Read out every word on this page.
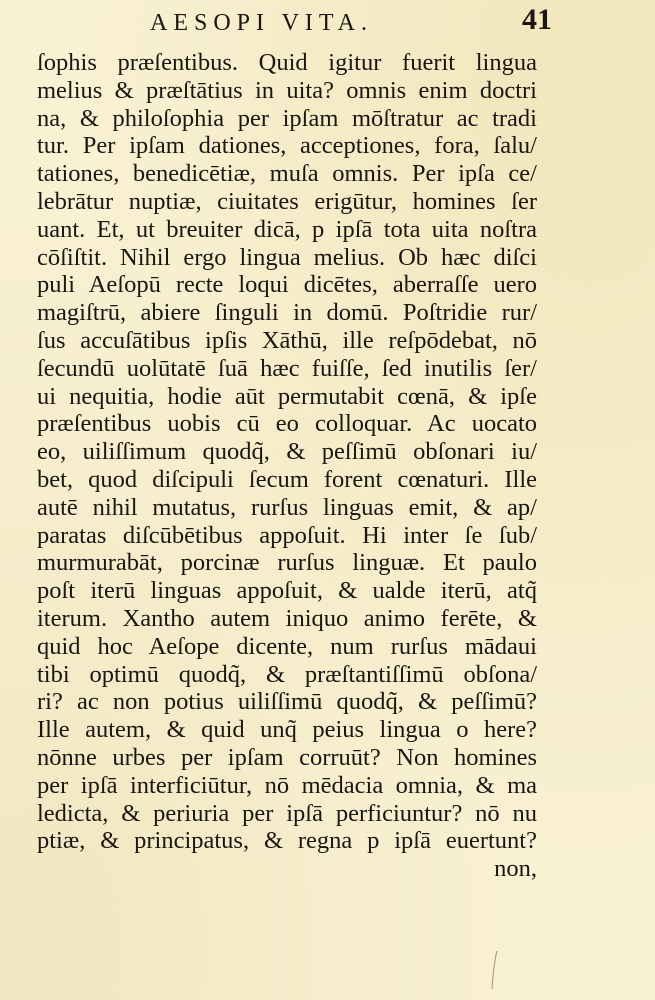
AESOPI VITA.	41
ſophis præſentibus. Quid igitur fuerit lingua
melius & præſtātius in uita? omnis enim doctri
na, & philoſophia per ipſam mōſtratur ac tradi
tur. Per ipſam dationes, acceptiones, fora, ſalu/
tationes, benedicētiæ, muſa omnis. Per ipſa ce/
lebrātur nuptiæ, ciuitates erigūtur, homines ſer
uant. Et, ut breuiter dicā, p ipſā tota uita noſtra
cōſiſtit. Nihil ergo lingua melius. Ob hæc diſci
puli Aeſopū recte loqui dicētes, aberraſſe uero
magiſtrū, abiere ſinguli in domū. Poſtridie rur/
ſus accuſātibus ipſis Xāthū, ille reſpōdebat, nō
ſecundū uolūtatē ſuā hæc fuiſſe, ſed inutilis ſer/
ui nequitia, hodie aūt permutabit cœnā, & ipſe
præſentibus uobis cū eo colloquar. Ac uocato
eo, uiliſſimum quodq̃, & peſſimū obſonari iu/
bet, quod diſcipuli ſecum forent cœnaturi. Ille
autē nihil mutatus, rurſus linguas emit, & ap/
paratas diſcūbētibus appoſuit. Hi inter ſe ſub/
murmurabāt, porcinæ rurſus linguæ. Et paulo
poſt iterū linguas appoſuit, & ualde iterū, atq̃
iterum. Xantho autem iniquo animo ferēte, &
quid hoc Aeſope dicente, num rurſus mādaui
tibi optimū quodq̃, & præſtantiſſimū obſona/
ri? ac non potius uiliſſimū quodq̃, & peſſimū?
Ille autem, & quid unq̃ peius lingua o here?
nōnne urbes per ipſam corruūt? Non homines
per ipſā interficiūtur, nō mēdacia omnia, & ma
ledicta, & periuria per ipſā perficiuntur? nō nu
ptiæ, & principatus, & regna p ipſā euertunt?
non,
